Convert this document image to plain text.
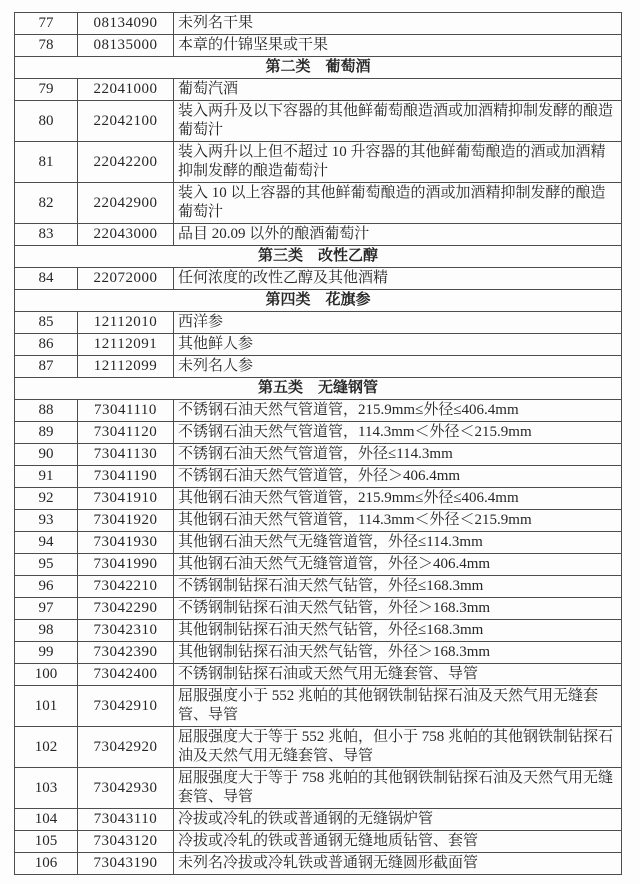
77	08134090	未列名干果
78	08135000	本章的什锦坚果或干果
第二类　葡萄酒		
79	22041000	葡萄汽酒
80	22042100	装入两升及以下容器的其他鲜葡萄酿造酒或加酒精抑制发酵的酿造葡萄汁
81	22042200	装入两升以上但不超过 10 升容器的其他鲜葡萄酿造的酒或加酒精抑制发酵的酿造葡萄汁
82	22042900	装入 10 以上容器的其他鲜葡萄酿造的酒或加酒精抑制发酵的酿造葡萄汁
83	22043000	品目 20.09 以外的酿酒葡萄汁
第三类　改性乙醇		
84	22072000	任何浓度的改性乙醇及其他酒精
第四类　花旗参		
85	12112010	西洋参
86	12112091	其他鲜人参
87	12112099	未列名人参
第五类　无缝钢管		
88	73041110	不锈钢石油天然气管道管，215.9mm≤外径≤406.4mm
89	73041120	不锈钢石油天然气管道管，114.3mm＜外径＜215.9mm
90	73041130	不锈钢石油天然气管道管，外径≤114.3mm
91	73041190	不锈钢石油天然气管道管，外径＞406.4mm
92	73041910	其他钢石油天然气管道管，215.9mm≤外径≤406.4mm
93	73041920	其他钢石油天然气管道管，114.3mm＜外径＜215.9mm
94	73041930	其他钢石油天然气无缝管道管，外径≤114.3mm
95	73041990	其他钢石油天然气无缝管道管，外径＞406.4mm
96	73042210	不锈钢制钻探石油天然气钻管，外径≤168.3mm
97	73042290	不锈钢制钻探石油天然气钻管，外径＞168.3mm
98	73042310	其他钢制钻探石油天然气钻管，外径≤168.3mm
99	73042390	其他钢制钻探石油天然气钻管，外径＞168.3mm
100	73042400	不锈钢制钻探石油或天然气用无缝套管、导管
101	73042910	屈服强度小于 552 兆帕的其他钢铁制钻探石油及天然气用无缝套管、导管
102	73042920	屈服强度大于等于 552 兆帕，但小于 758 兆帕的其他钢铁制钻探石油及天然气用无缝套管、导管
103	73042930	屈服强度大于等于 758 兆帕的其他钢铁制钻探石油及天然气用无缝套管、导管
104	73043110	冷拔或冷轧的铁或普通钢的无缝锅炉管
105	73043120	冷拔或冷轧的铁或普通钢无缝地质钻管、套管
106	73043190	未列名冷拔或冷轧铁或普通钢无缝圆形截面管
